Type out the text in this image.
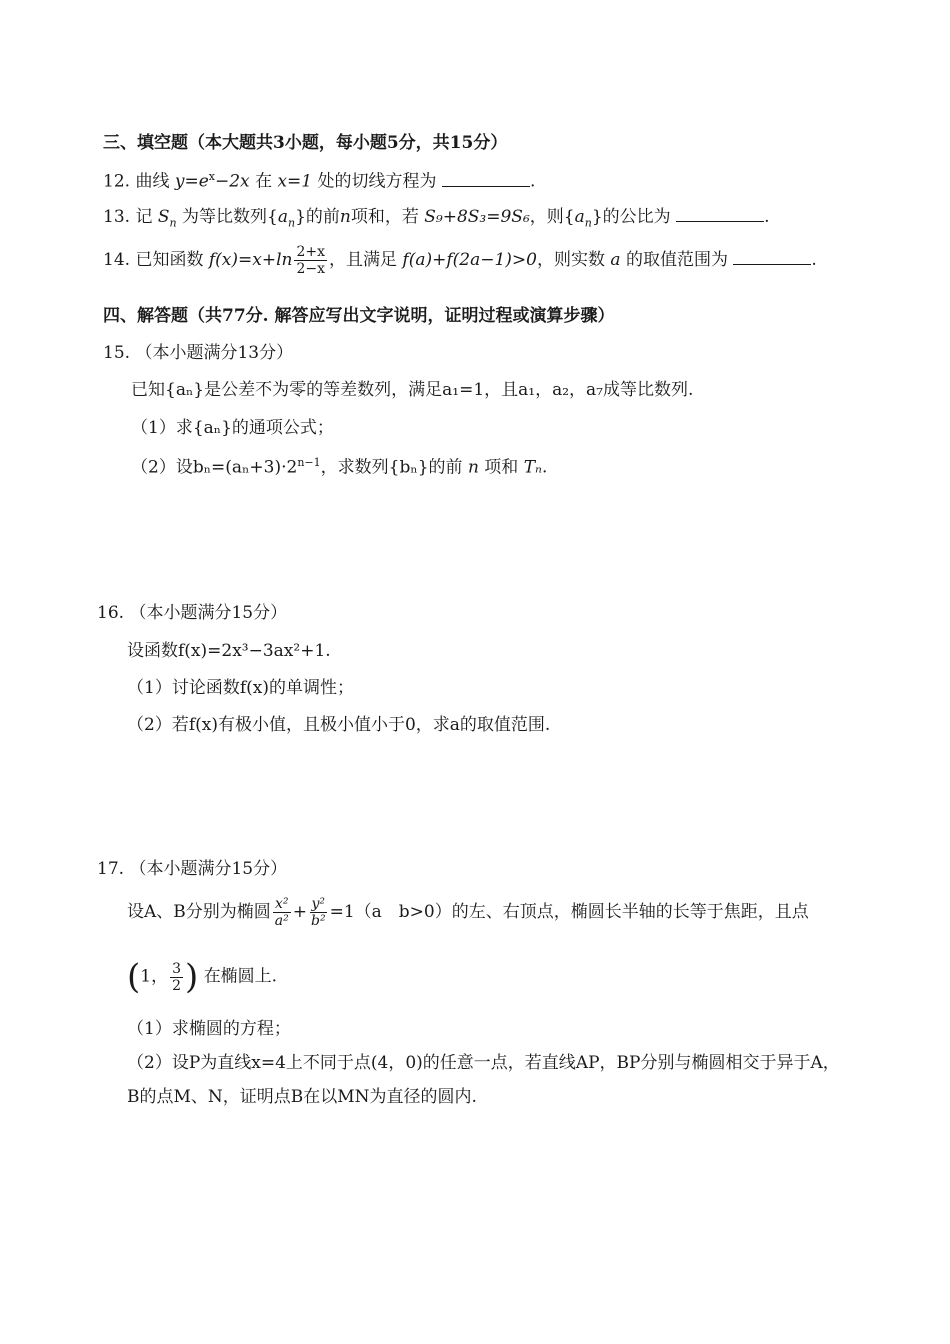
三、填空题（本大题共3小题，每小题5分，共15分）
12. 曲线 $y=e^x-2x$ 在 x=1 处的切线方程为	.
13. 记 $S_n$ 为等比数列$\{a_n\}$的前n项和，若 S₉+8S₃=9S₆，则$\{a_n\}$的公比为	.
14. 已知函数 $f(x)=x+\ln \frac{2+x}{2-x}$ ，且满足 f(a)+f(2a−1)>0，则实数 a 的取值范围为	.
四、解答题（共77分. 解答应写出文字说明，证明过程或演算步骤）
15. （本小题满分13分）
已知{aₙ}是公差不为零的等差数列，满足a₁=1，且a₁，a₂，a₇成等比数列.
（1）求{aₙ}的通项公式；
（2）设$b_n=(a_n+3)\cdot 2^{n-1}$，求数列{bₙ}的前 n 项和 Tₙ.
16. （本小题满分15分）
设函数f(x)=2x³−3ax²+1.
（1）讨论函数f(x)的单调性；
（2）若f(x)有极小值，且极小值小于0，求a的取值范围.
17. （本小题满分15分）
设A、B分别为椭圆 $\frac{\text{x²}}{\text{a²}} + \frac{\text{y²}}{\text{b²}} =1(a$　b>0）的左、右顶点，椭圆长半轴的长等于焦距，且点
(1， $\frac{3}{2}$ ) 在椭圆上.
（1）求椭圆的方程；
（2）设P为直线x=4上不同于点(4，0)的任意一点，若直线AP，BP分别与椭圆相交于异于A，
B的点M、N，证明点B在以MN为直径的圆内.
